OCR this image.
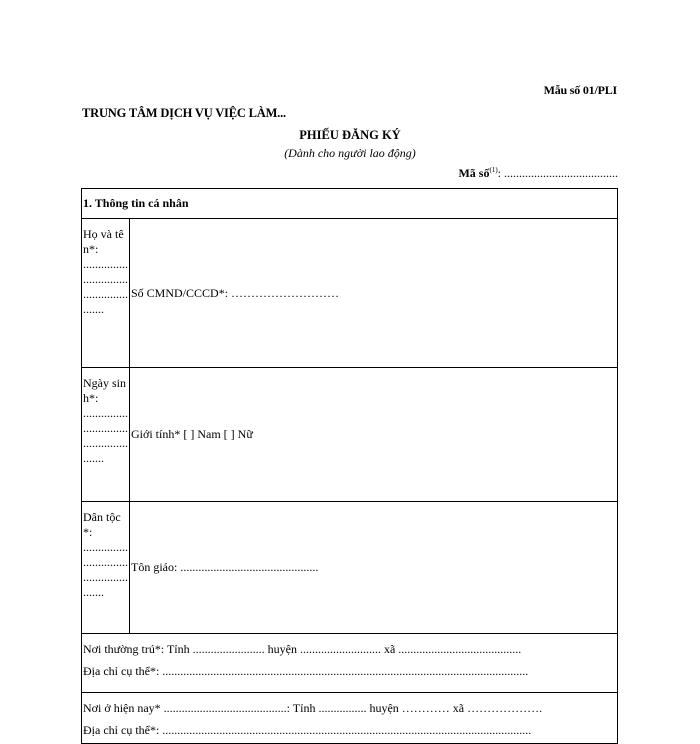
Mẫu số 01/PLI
TRUNG TÂM DỊCH VỤ VIỆC LÀM...
PHIẾU ĐĂNG KÝ
(Dành cho người lao động)
Mã số$^{(1)}$: ......................................
1. Thông tin cá nhân	
Họ và tên*: ....................................................	Số CMND/CCCD*: ………………………
Ngày sinh*: ....................................................	Giới tính* [ ] Nam [ ] Nữ
Dân tộc*: ....................................................	Tôn giáo: ..............................................

Nơi thường trú*: Tỉnh ........................ huyện ........................... xã .........................................
Địa chỉ cụ thể*: ..........................................................................................................................	

Nơi ở hiện nay* .........................................: Tỉnh ................ huyện ………… xã ……………….
Địa chỉ cụ thể*: ...........................................................................................................................	
